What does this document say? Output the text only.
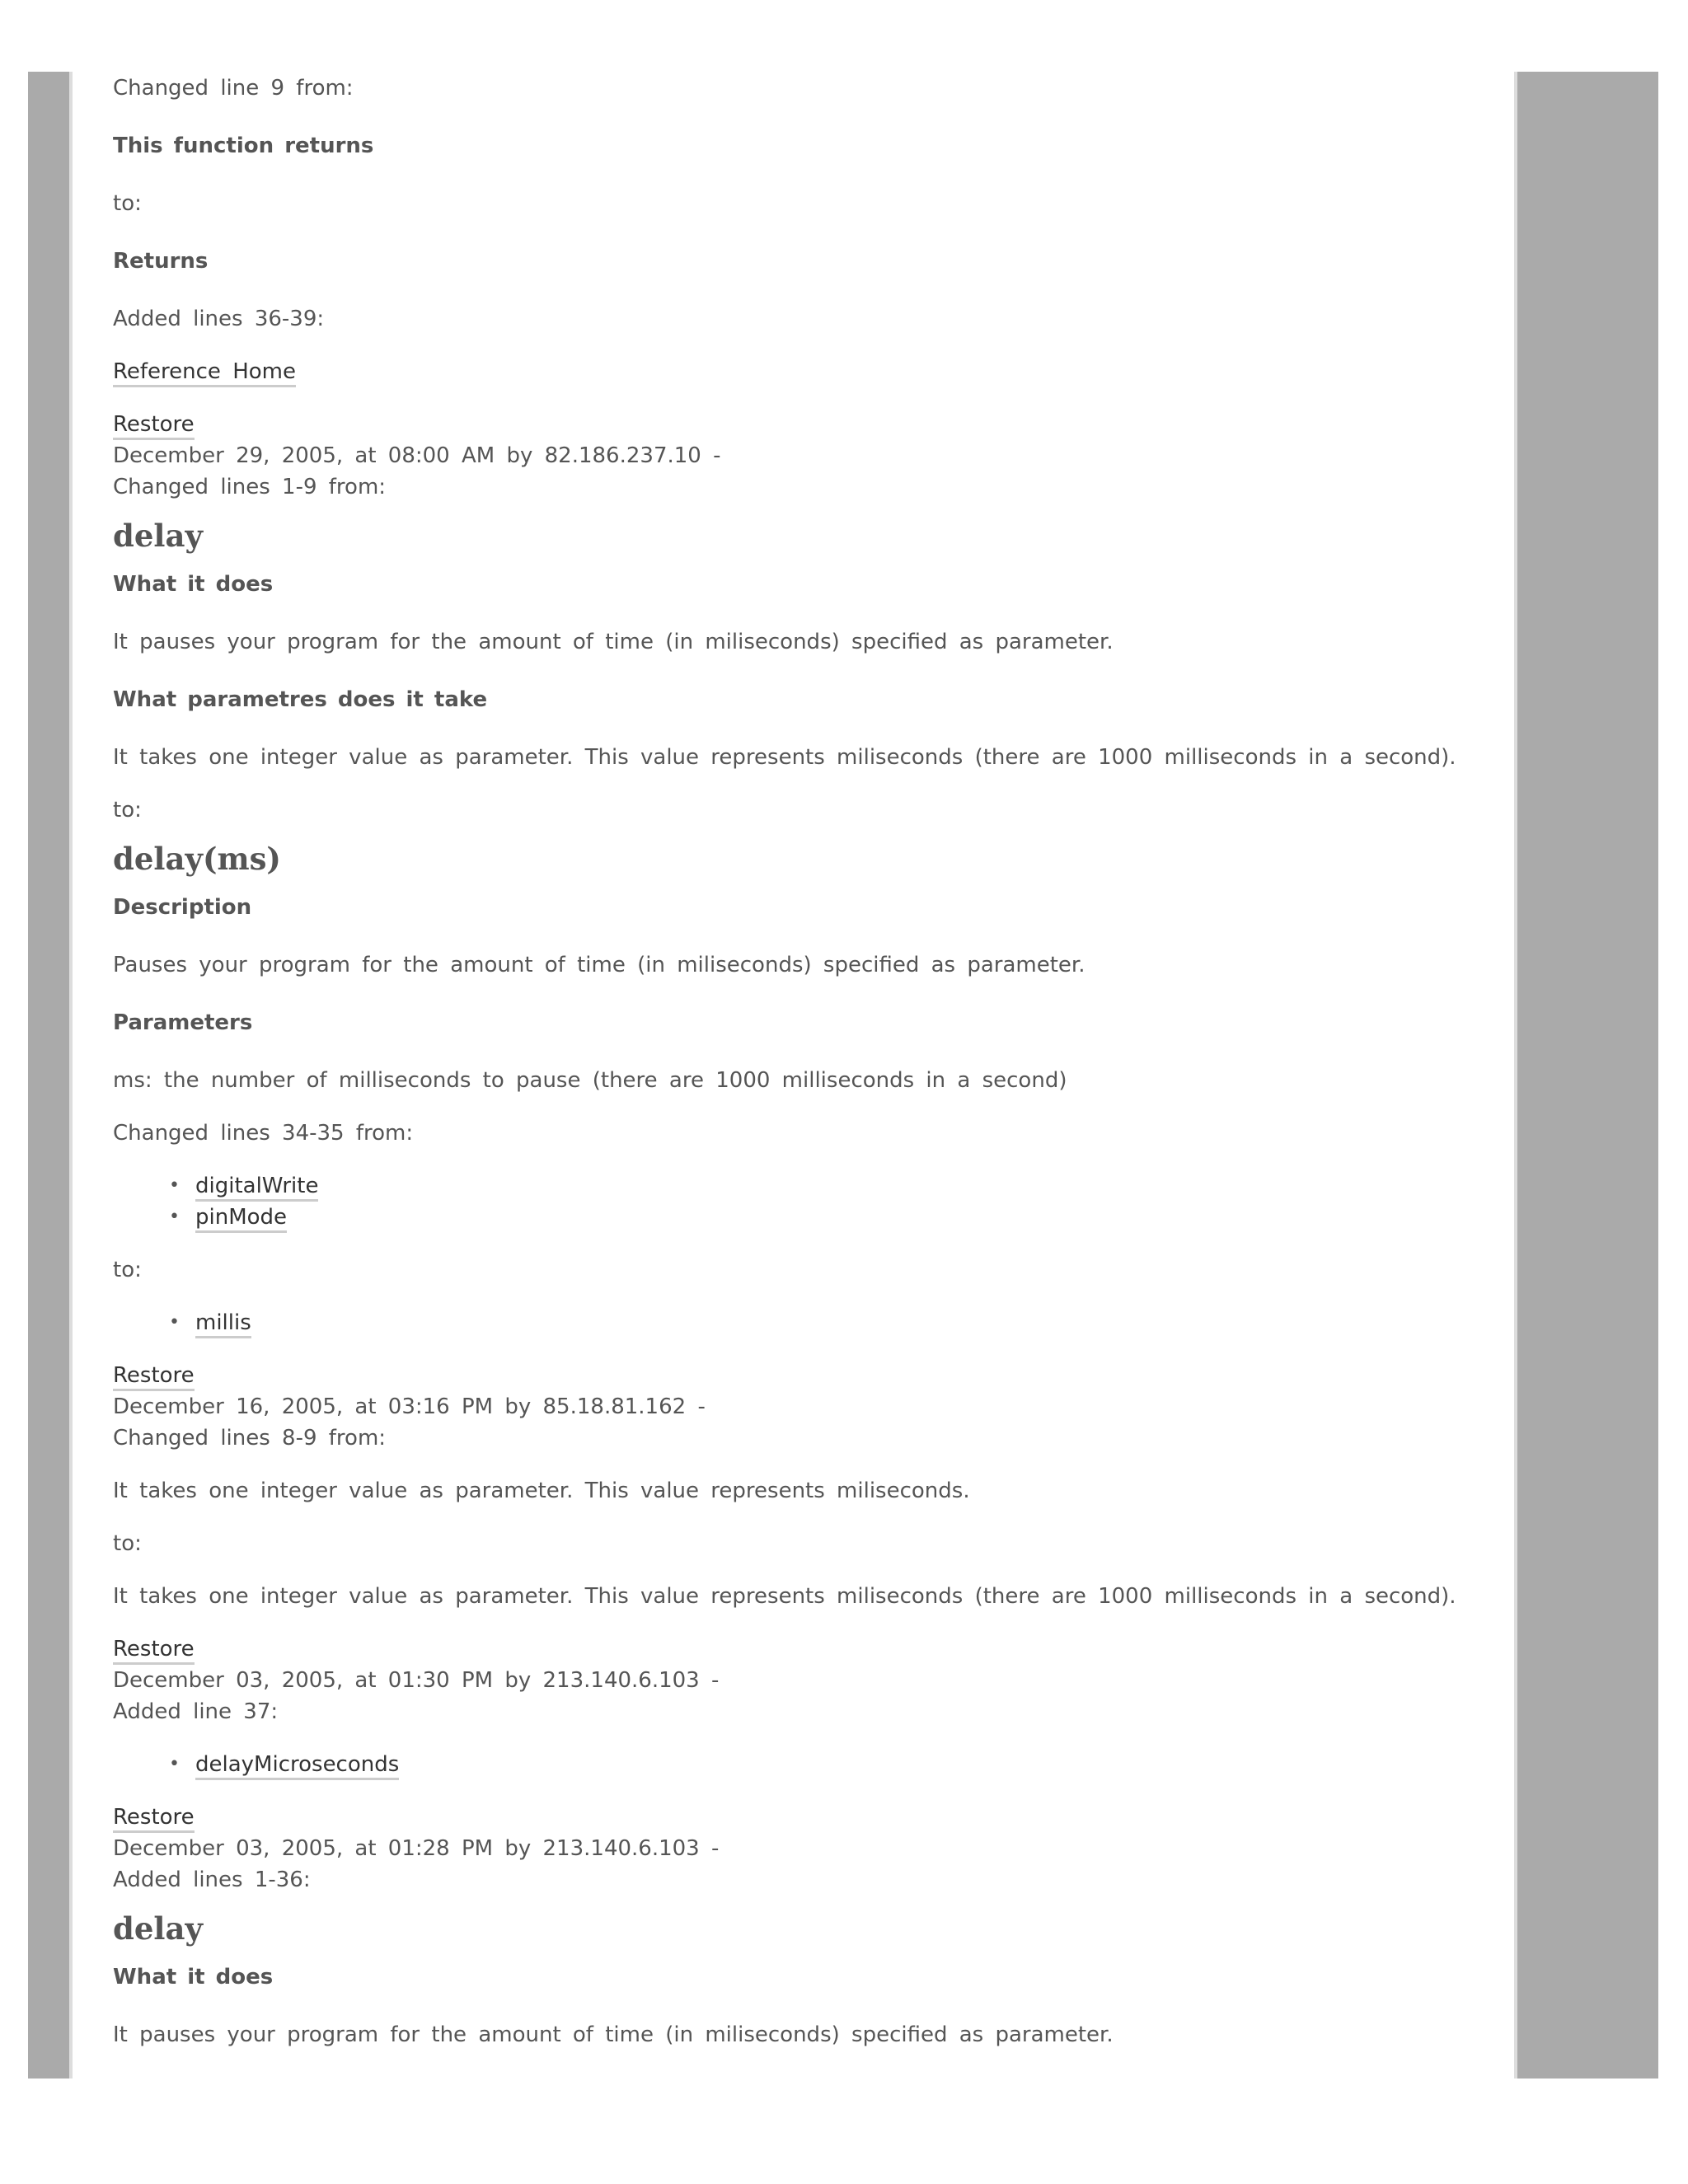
Changed line 9 from:

This function returns

to:

Returns

Added lines 36-39:

Reference Home

Restore

December 29, 2005, at 08:00 AM by 82.186.237.10 -

Changed lines 1-9 from:

delay

What it does

It pauses your program for the amount of time (in miliseconds) specified as parameter.

What parametres does it take

It takes one integer value as parameter. This value represents miliseconds (there are 1000 milliseconds in a second).

to:

delay(ms)

Description

Pauses your program for the amount of time (in miliseconds) specified as parameter.

Parameters

ms: the number of milliseconds to pause (there are 1000 milliseconds in a second)

Changed lines 34-35 from:

• digitalWrite
• pinMode

to:

• millis

Restore

December 16, 2005, at 03:16 PM by 85.18.81.162 -

Changed lines 8-9 from:

It takes one integer value as parameter. This value represents miliseconds.

to:

It takes one integer value as parameter. This value represents miliseconds (there are 1000 milliseconds in a second).

Restore

December 03, 2005, at 01:30 PM by 213.140.6.103 -

Added line 37:

• delayMicroseconds

Restore

December 03, 2005, at 01:28 PM by 213.140.6.103 -

Added lines 1-36:

delay

What it does

It pauses your program for the amount of time (in miliseconds) specified as parameter.
